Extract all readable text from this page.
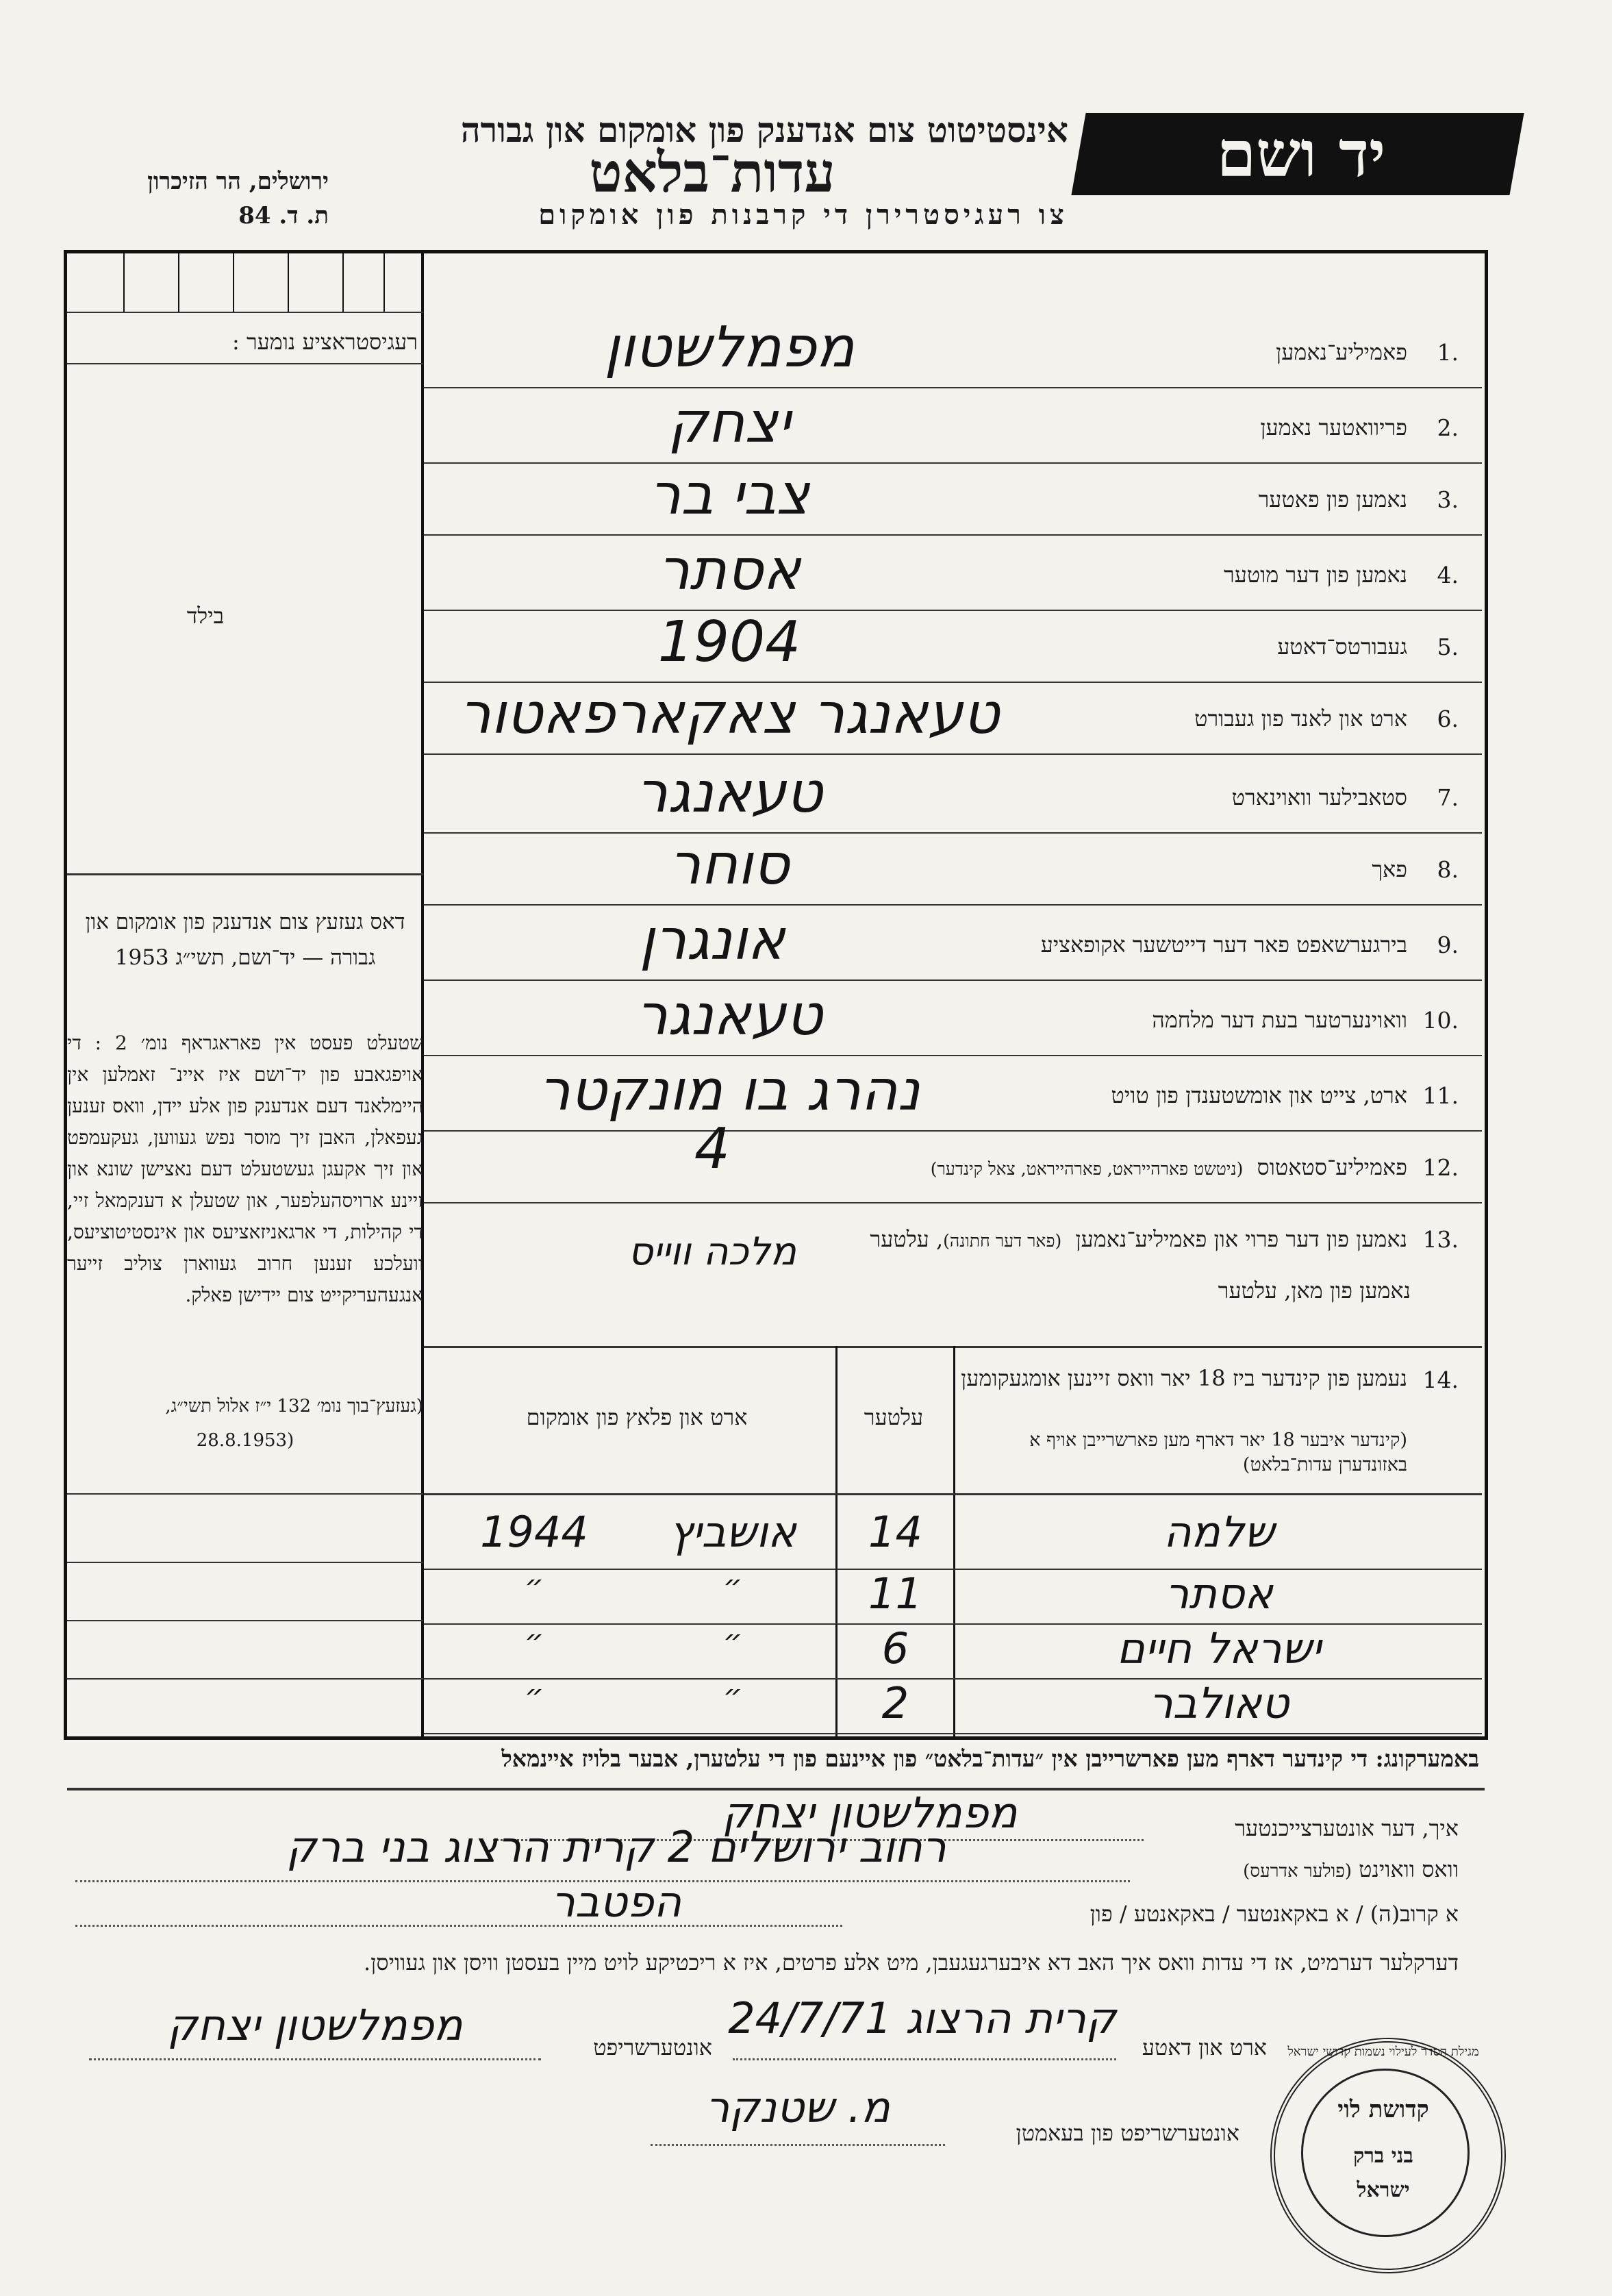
יד ושם
אינסטיטוט צום אנדענק פון אומקום און גבורה
עדות־בלאט
צו רעגיסטרירן די קרבנות פון אומקום
ירושלים, הר הזיכרון
ת. ד. 84
רעגיסטראציע נומער :
בילד
דאס געזעץ צום אנדענק פון אומקום און גבורה — יד־ושם, תשי״ג 1953
שטעלט פעסט אין פאראגראף נומ׳ 2 : די אויפגאבע פון יד־ושם איז איינ־ זאמלען אין היימלאנד דעם אנדענק פון אלע יידן, וואס זענען געפאלן, האבן זיך מוסר נפש געווען, געקעמפט און זיך אקעגן געשטעלט דעם נאצישן שונא און זיינע ארויסהעלפער, און שטעלן א דענקמאל זיי, די קהילות, די ארגאניזאציעס און אינסטיטוציעס, וועלכע זענען חרוב געווארן צוליב זייער אנגעהעריקייט צום יידישן פאלק.
(געזעץ־בוך נומ׳ 132 י״ז אלול תשי״ג,
(28.8.1953
1.
פאמיליע־נאמען
מפמלשטון
2.
פריוואטער נאמען
יצחק
3.
נאמען פון פאטער
צבי בר
4.
נאמען פון דער מוטער
אסתר
5.
געבורטס־דאטע
1904
6.
ארט און לאנד פון געבורט
טעאנגר צאקארפאטור
7.
סטאבילער וואוינארט
טעאנגר
8.
פאך
סוחר
9.
בירגערשאפט פאר דער דייטשער אקופאציע
אונגרן
10.
וואוינערטער בעת דער מלחמה
טעאנגר
11.
ארט, צייט און אומשטענדן פון טויט
נהרג בו מונקטר
12.
פאמיליע־סטאטוס (ניטשט פארהייראט, פארהייראט, צאל קינדער)
4
13.
נאמען פון דער פרוי און פאמיליע־נאמען (פאר דער חתונה), עלטער
מלכה ווייס
נאמען פון מאן, עלטער
14.
נעמען פון קינדער ביז 18 יאר וואס זיינען אומגעקומען
(קינדער איבער 18 יאר דארף מען פארשרייבן אויף א באזונדערן עדות־בלאט)
עלטער
ארט און פלאץ פון אומקום
שלמה
14
אושביץ
1944
אסתר
11
״
״
ישראל חיים
6
״
״
טאולבר
2
״
״
באמערקונג: די קינדער דארף מען פארשרייבן אין ״עדות־בלאט״ פון איינעם פון די עלטערן, אבער בלויז איינמאל
איך, דער אונטערצייכנטער
מפמלשטון יצחק
וואס וואוינט (פולער אדרעס)
רחוב ירושלים 2 קרית הרצוג בני ברק
א קרוב(ה) / א באקאנטער / באקאנטע / פון
הפטבר
דערקלער דערמיט, אז די עדות וואס איך האב דא איבערגעגעבן, מיט אלע פרטים, איז א ריכטיקע לויט מיין בעסטן וויסן און געוויסן.
ארט און דאטע
קרית הרצוג 24/7/71
אונטערשריפט
מפמלשטון יצחק
אונטערשריפט פון בעאמטן
מ. שטנקר	קדושת לוי
בני ברק
ישראל
מגילת הסדר לעילוי נשמות קדושי ישראל
